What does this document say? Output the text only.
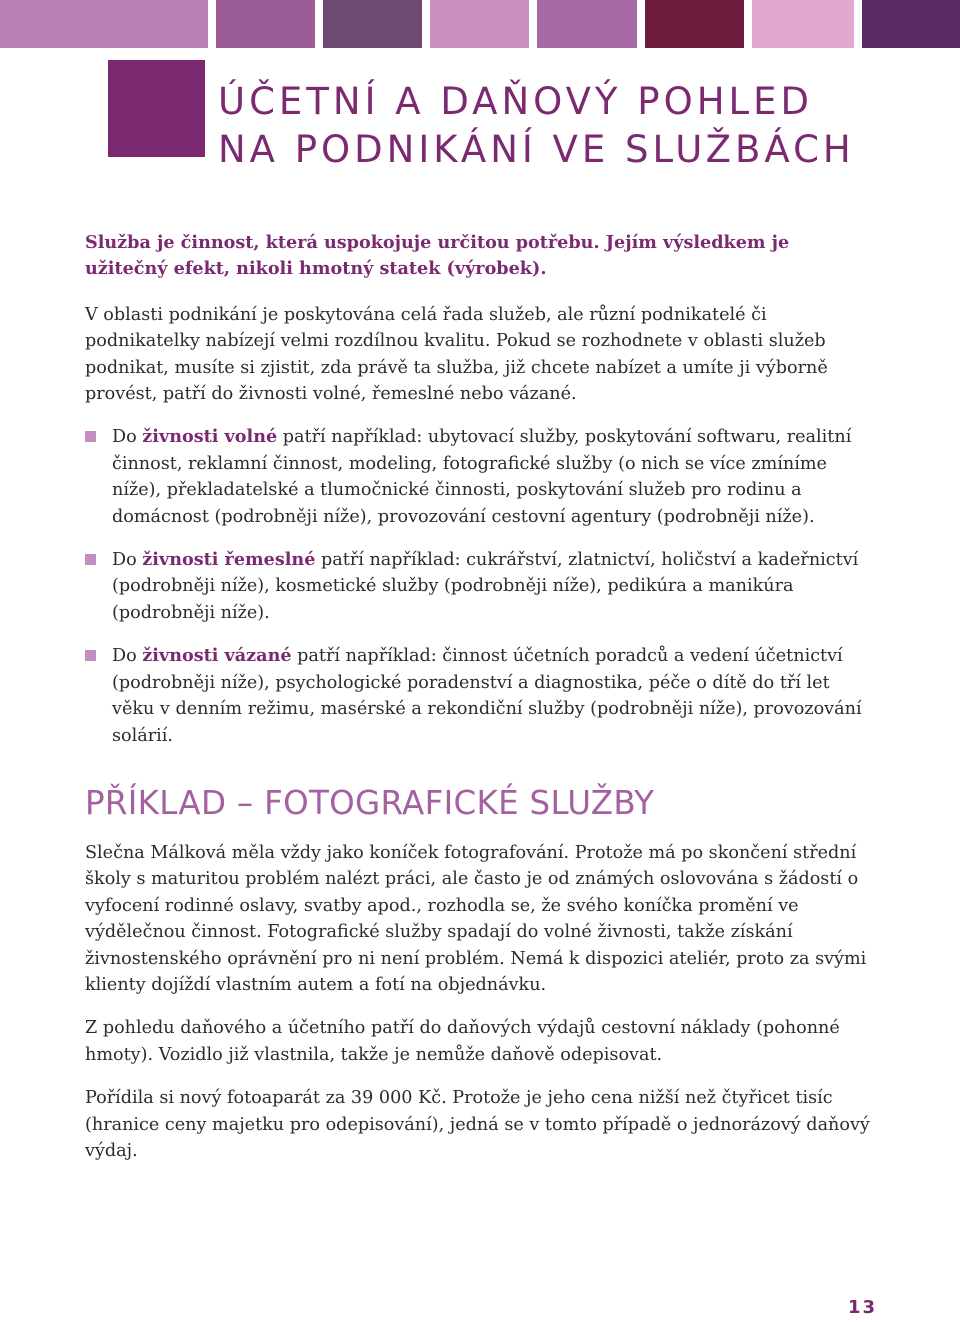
ÚČETNÍ A DAŇOVÝ POHLED
NA PODNIKÁNÍ VE SLUŽBÁCH

Služba je činnost, která uspokojuje určitou potřebu. Jejím výsledkem je užitečný efekt, nikoli hmotný statek (výrobek).

V oblasti podnikání je poskytována celá řada služeb, ale různí podnikatelé či podnikatelky nabízejí velmi rozdílnou kvalitu. Pokud se rozhodnete v oblasti služeb podnikat, musíte si zjistit, zda právě ta služba, již chcete nabízet a umíte ji výborně provést, patří do živnosti volné, řemeslné nebo vázané.

Do živnosti volné patří například: ubytovací služby, poskytování softwaru, realitní činnost, reklamní činnost, modeling, fotografické služby (o nich se více zmíníme níže), překladatelské a tlumočnické činnosti, poskytování služeb pro rodinu a domácnost (podrobněji níže), provozování cestovní agentury (podrobněji níže).
Do živnosti řemeslné patří například: cukrářství, zlatnictví, holičství a kadeřnictví (podrobněji níže), kosmetické služby (podrobněji níže), pedikúra a manikúra (podrobněji níže).
Do živnosti vázané patří například: činnost účetních poradců a vedení účetnictví (podrobněji níže), psychologické poradenství a diagnostika, péče o dítě do tří let věku v denním režimu, masérské a rekondiční služby (podrobněji níže), provozování solárií.
PŘÍKLAD – FOTOGRAFICKÉ SLUŽBY

Slečna Málková měla vždy jako koníček fotografování. Protože má po skončení střední školy s maturitou problém nalézt práci, ale často je od známých oslovována s žádostí o vyfocení rodinné oslavy, svatby apod., rozhodla se, že svého koníčka promění ve výdělečnou činnost. Fotografické služby spadají do volné živnosti, takže získání živnostenského oprávnění pro ni není problém. Nemá k dispozici ateliér, proto za svými klienty dojíždí vlastním autem a fotí na objednávku.

Z pohledu daňového a účetního patří do daňových výdajů cestovní náklady (pohonné hmoty). Vozidlo již vlastnila, takže je nemůže daňově odepisovat.

Pořídila si nový fotoaparát za 39 000 Kč. Protože je jeho cena nižší než čtyřicet tisíc (hranice ceny majetku pro odepisování), jedná se v tomto případě o jednorázový daňový výdaj.

13
